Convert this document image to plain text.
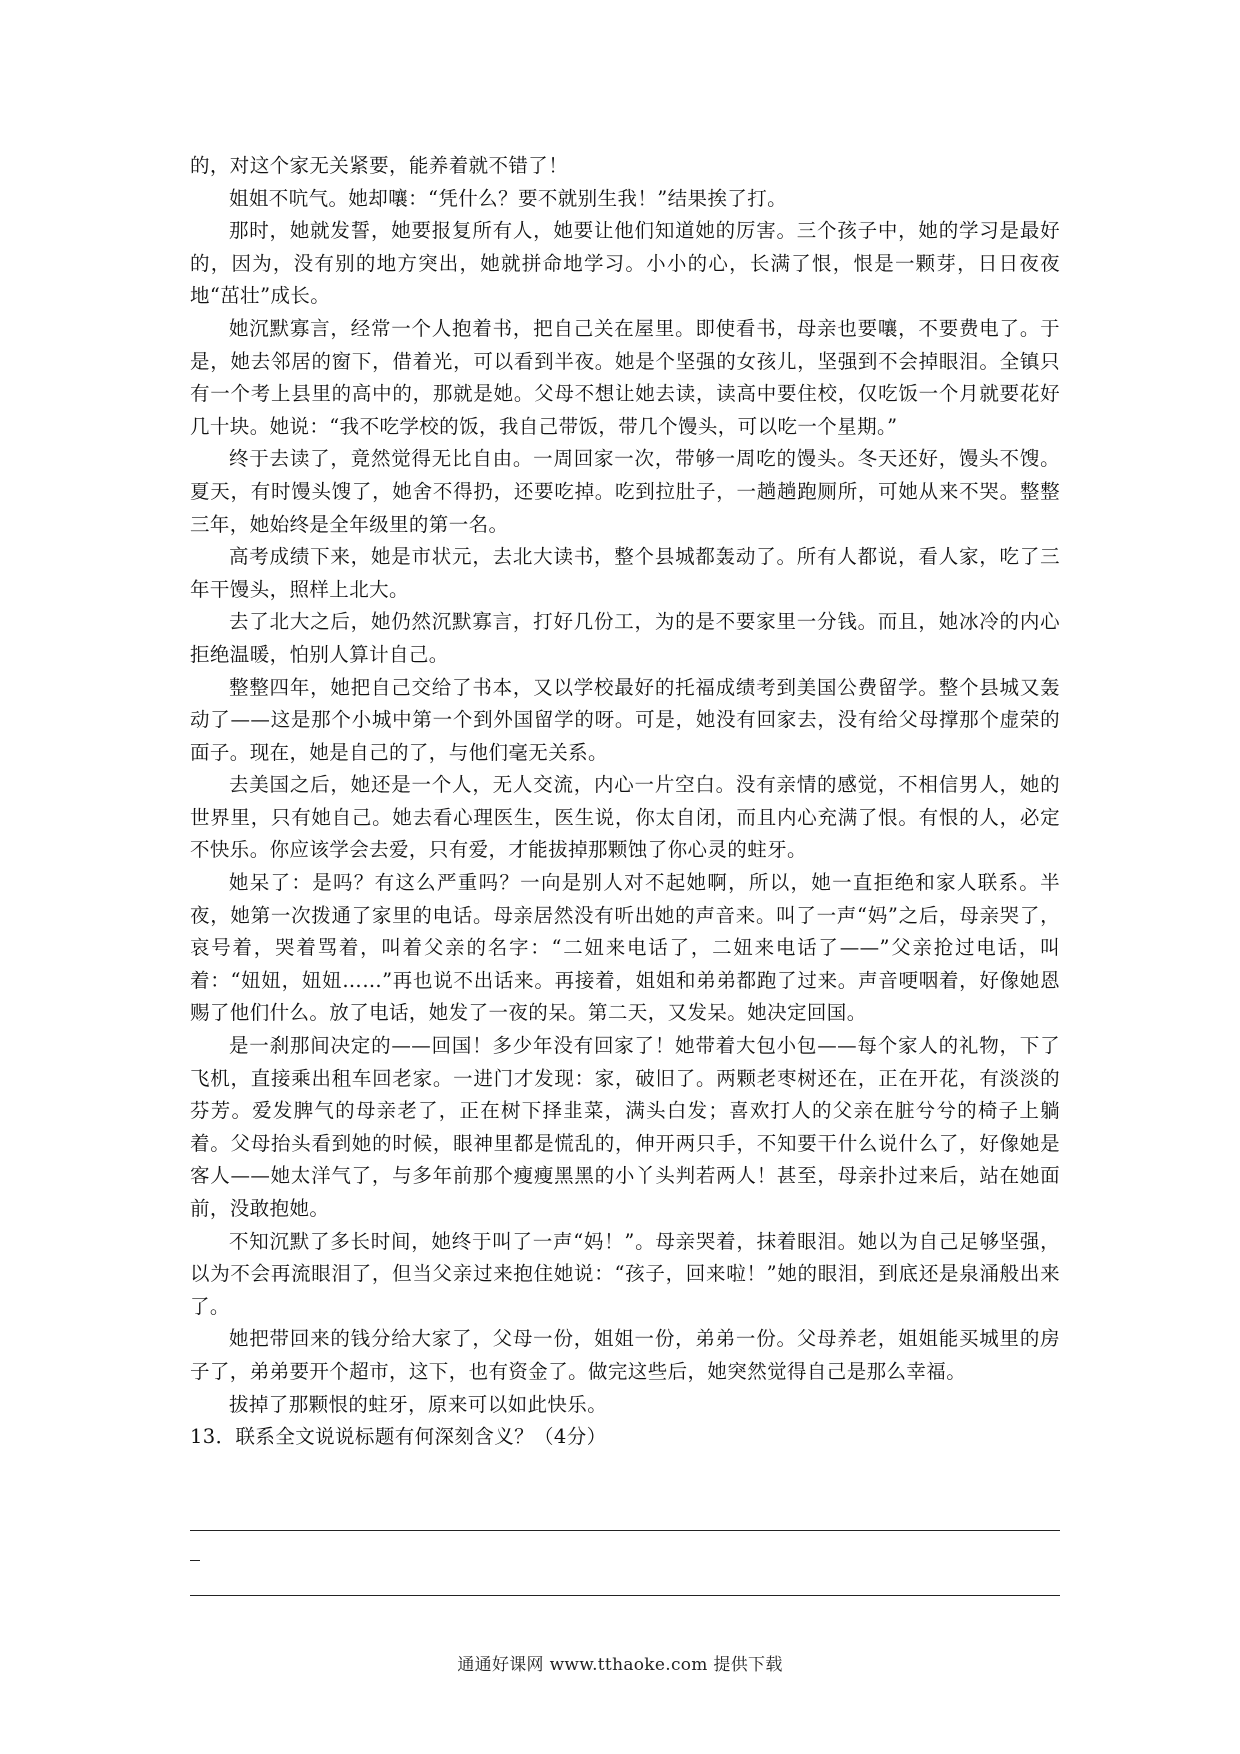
的，对这个家无关紧要，能养着就不错了！

姐姐不吭气。她却嚷：“凭什么？要不就别生我！”结果挨了打。

那时，她就发誓，她要报复所有人，她要让他们知道她的厉害。三个孩子中，她的学习是最好的，因为，没有别的地方突出，她就拼命地学习。小小的心，长满了恨，恨是一颗芽，日日夜夜地“茁壮”成长。

她沉默寡言，经常一个人抱着书，把自己关在屋里。即使看书，母亲也要嚷，不要费电了。于是，她去邻居的窗下，借着光，可以看到半夜。她是个坚强的女孩儿，坚强到不会掉眼泪。全镇只有一个考上县里的高中的，那就是她。父母不想让她去读，读高中要住校，仅吃饭一个月就要花好几十块。她说：“我不吃学校的饭，我自己带饭，带几个馒头，可以吃一个星期。”

终于去读了，竟然觉得无比自由。一周回家一次，带够一周吃的馒头。冬天还好，馒头不馊。夏天，有时馒头馊了，她舍不得扔，还要吃掉。吃到拉肚子，一趟趟跑厕所，可她从来不哭。整整三年，她始终是全年级里的第一名。

高考成绩下来，她是市状元，去北大读书，整个县城都轰动了。所有人都说，看人家，吃了三年干馒头，照样上北大。

去了北大之后，她仍然沉默寡言，打好几份工，为的是不要家里一分钱。而且，她冰冷的内心拒绝温暖，怕别人算计自己。

整整四年，她把自己交给了书本，又以学校最好的托福成绩考到美国公费留学。整个县城又轰动了——这是那个小城中第一个到外国留学的呀。可是，她没有回家去，没有给父母撑那个虚荣的面子。现在，她是自己的了，与他们毫无关系。

去美国之后，她还是一个人，无人交流，内心一片空白。没有亲情的感觉，不相信男人，她的世界里，只有她自己。她去看心理医生，医生说，你太自闭，而且内心充满了恨。有恨的人，必定不快乐。你应该学会去爱，只有爱，才能拔掉那颗蚀了你心灵的蛀牙。

她呆了：是吗？有这么严重吗？一向是别人对不起她啊，所以，她一直拒绝和家人联系。半夜，她第一次拨通了家里的电话。母亲居然没有听出她的声音来。叫了一声“妈”之后，母亲哭了，哀号着，哭着骂着，叫着父亲的名字：“二妞来电话了，二妞来电话了——”父亲抢过电话，叫着：“妞妞，妞妞……”再也说不出话来。再接着，姐姐和弟弟都跑了过来。声音哽咽着，好像她恩赐了他们什么。放了电话，她发了一夜的呆。第二天，又发呆。她决定回国。

是一刹那间决定的——回国！多少年没有回家了！她带着大包小包——每个家人的礼物，下了飞机，直接乘出租车回老家。一进门才发现：家，破旧了。两颗老枣树还在，正在开花，有淡淡的芬芳。爱发脾气的母亲老了，正在树下择韭菜，满头白发；喜欢打人的父亲在脏兮兮的椅子上躺着。父母抬头看到她的时候，眼神里都是慌乱的，伸开两只手，不知要干什么说什么了，好像她是客人——她太洋气了，与多年前那个瘦瘦黑黑的小丫头判若两人！甚至，母亲扑过来后，站在她面前，没敢抱她。

不知沉默了多长时间，她终于叫了一声“妈！”。母亲哭着，抹着眼泪。她以为自己足够坚强，以为不会再流眼泪了，但当父亲过来抱住她说：“孩子，回来啦！”她的眼泪，到底还是泉涌般出来了。

她把带回来的钱分给大家了，父母一份，姐姐一份，弟弟一份。父母养老，姐姐能买城里的房子了，弟弟要开个超市，这下，也有资金了。做完这些后，她突然觉得自己是那么幸福。

拔掉了那颗恨的蛀牙，原来可以如此快乐。

13．联系全文说说标题有何深刻含义？（4分）

通通好课网 www.tthaoke.com 提供下载
